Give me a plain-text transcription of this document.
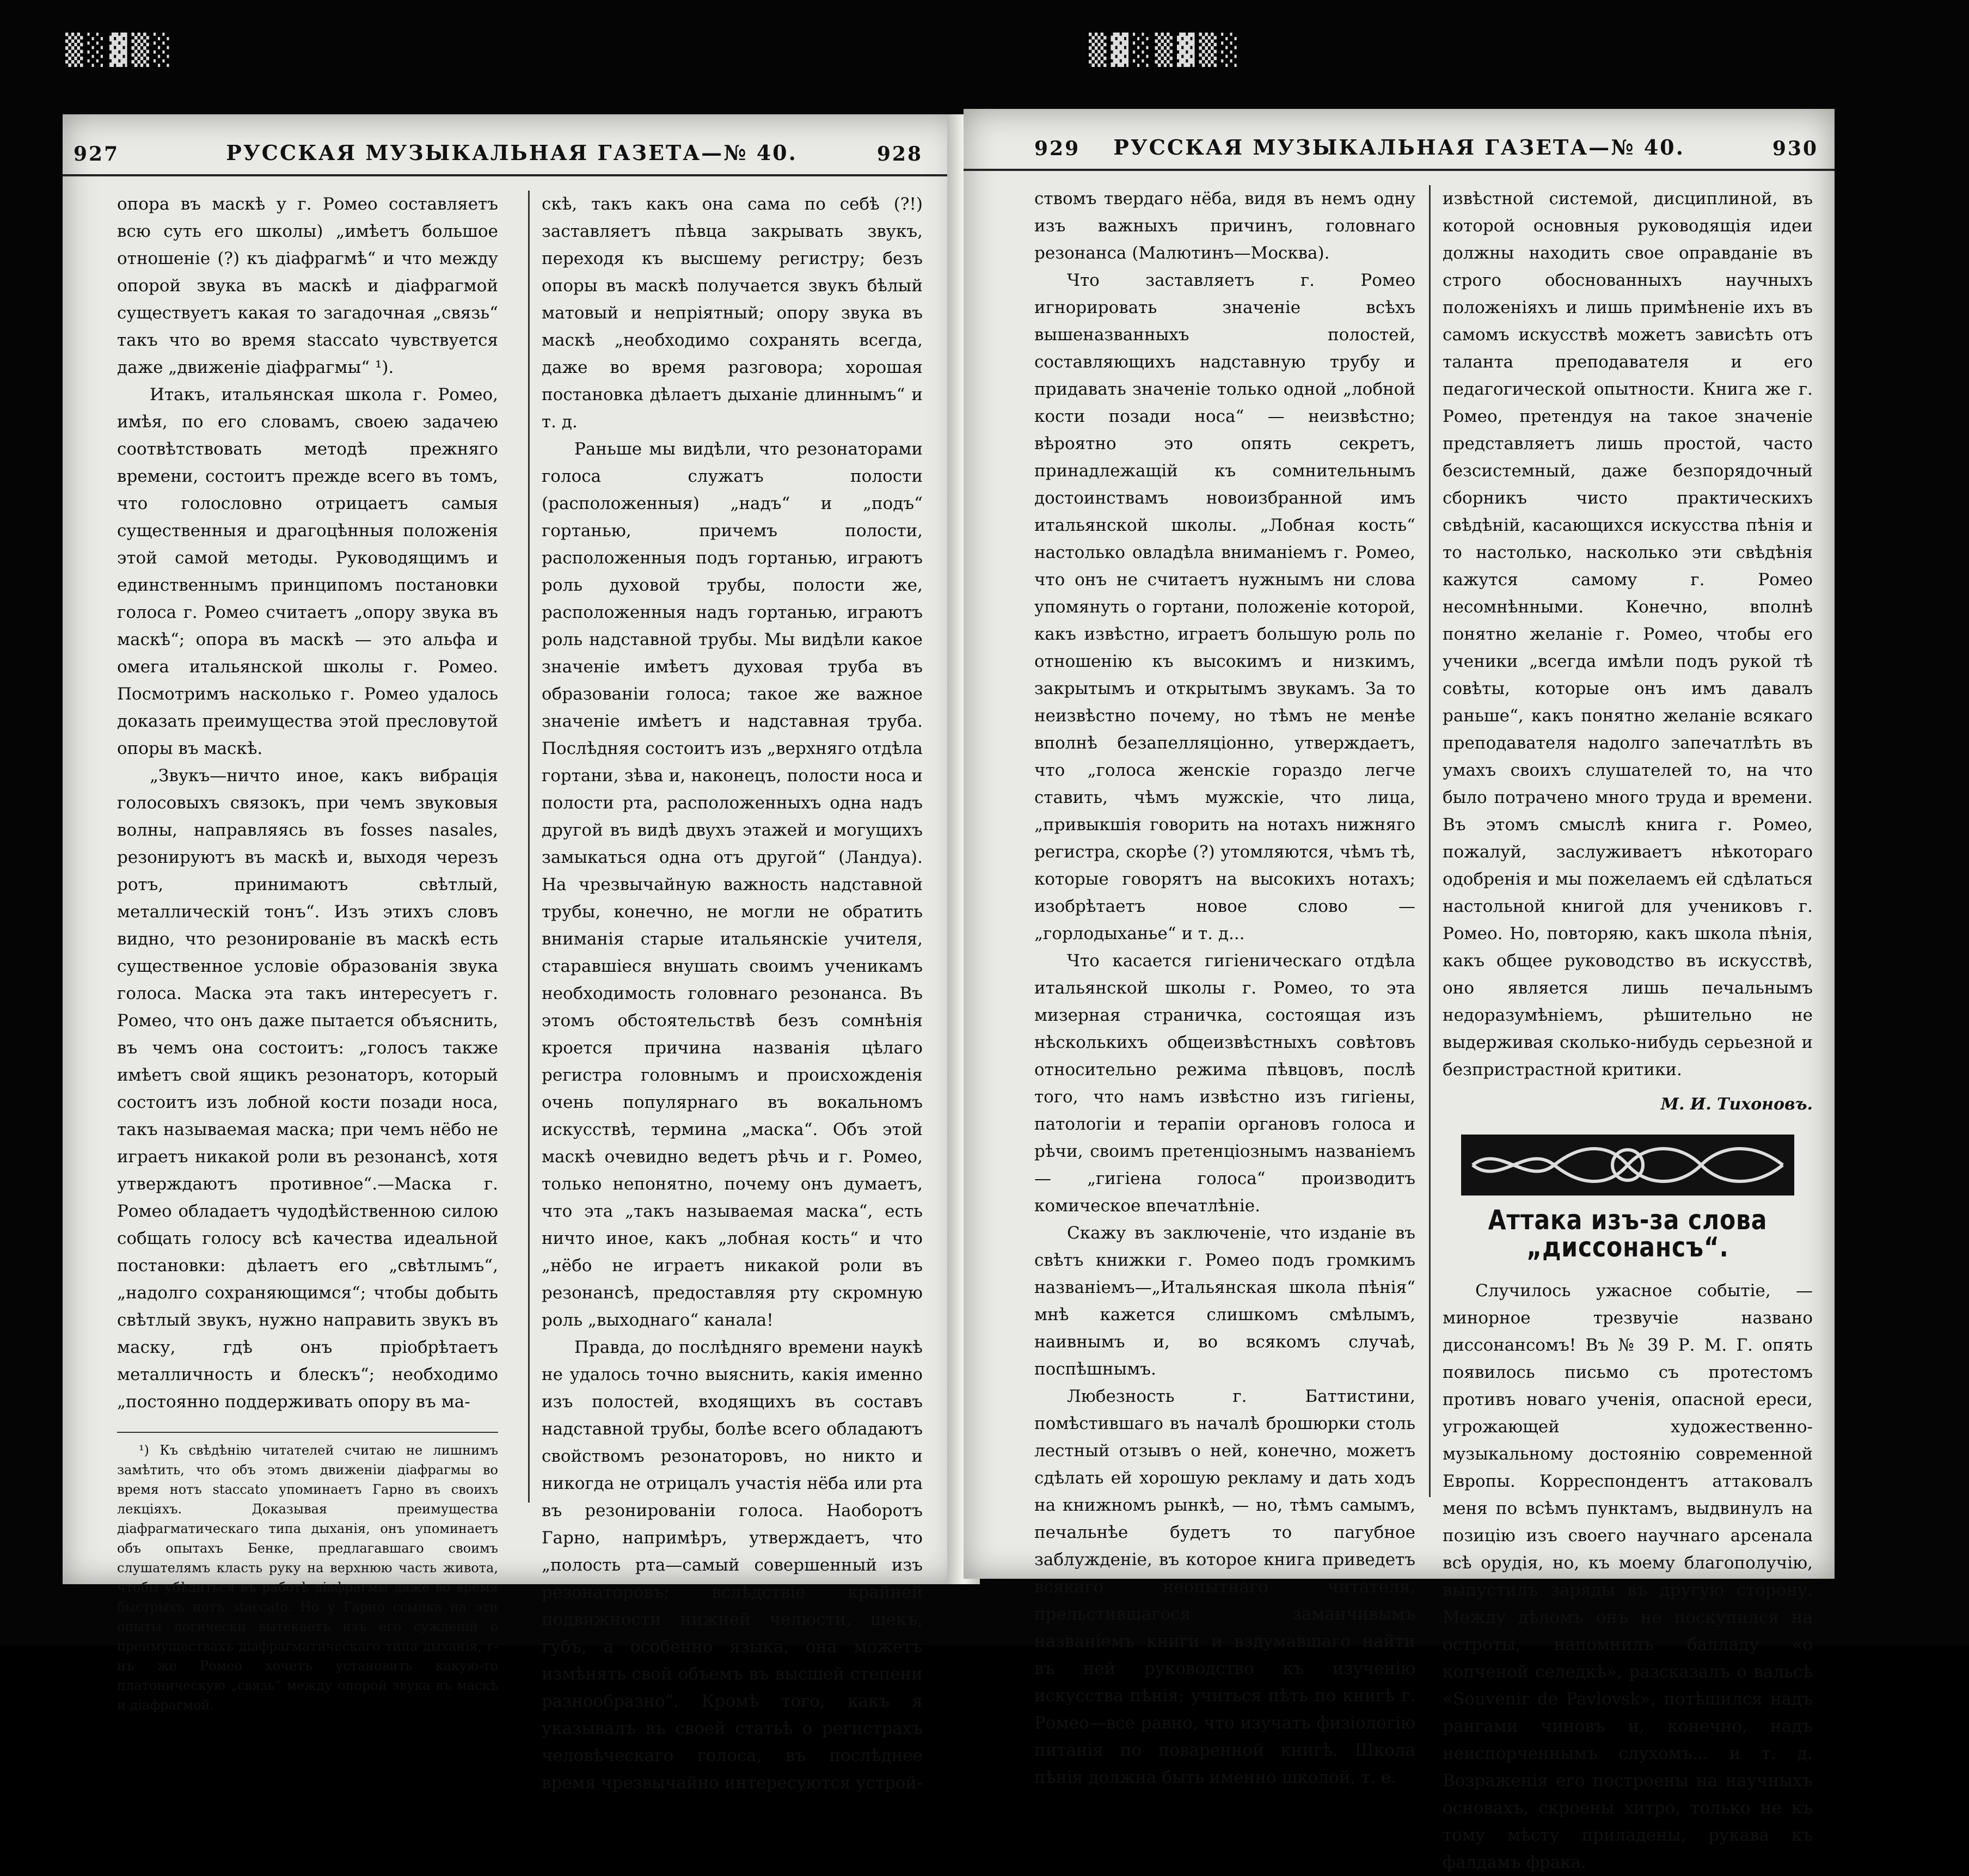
▒░▓▒░	▒▓░▒▓▒░
927	РУССКАЯ МУЗЫКАЛЬНАЯ ГАЗЕТА—№ 40.	928

опора въ маскѣ у г. Ромео составляетъ всю суть его школы) „имѣетъ большое отношеніе (?) къ діафрагмѣ“ и что между опорой звука въ маскѣ и діафрагмой существуетъ какая то загадочная „связь“ такъ что во время staccato чувствуется даже „движеніе діафрагмы“ ¹).

Итакъ, итальянская школа г. Ромео, имѣя, по его словамъ, своею задачею соотвѣтствовать методѣ прежняго времени, состоитъ прежде всего въ томъ, что голословно отрицаетъ самыя существенныя и драгоцѣнныя положенія этой самой методы. Руководящимъ и единственнымъ принципомъ постановки голоса г. Ромео считаетъ „опору звука въ маскѣ“; опора въ маскѣ — это альфа и омега итальянской школы г. Ромео. Посмотримъ насколько г. Ромео удалось доказать преимущества этой пресловутой опоры въ маскѣ.

„Звукъ—ничто иное, какъ вибрація голосовыхъ связокъ, при чемъ звуковыя волны, направляясь въ fosses nasales, резонируютъ въ маскѣ и, выходя черезъ ротъ, принимаютъ свѣтлый, металлическій тонъ“. Изъ этихъ словъ видно, что резонированіе въ маскѣ есть существенное условіе образованія звука голоса. Маска эта такъ интересуетъ г. Ромео, что онъ даже пытается объяснить, въ чемъ она состоитъ: „голосъ также имѣетъ свой ящикъ резонаторъ, который состоитъ изъ лобной кости позади носа, такъ называемая маска; при чемъ нёбо не играетъ никакой роли въ резонансѣ, хотя утверждаютъ противное“.—Маска г. Ромео обладаетъ чудодѣйственною силою собщать голосу всѣ качества идеальной постановки: дѣлаетъ его „свѣтлымъ“, „надолго сохраняющимся“; чтобы добыть свѣтлый звукъ, нужно направить звукъ въ маску, гдѣ онъ пріобрѣтаетъ металличность и блескъ“; необходимо „постоянно поддерживать опору въ ма-

¹) Къ свѣдѣнію читателей считаю не лишнимъ замѣтить, что объ этомъ движеніи діафрагмы во время нотъ staccato упоминаетъ Гарно въ своихъ лекціяхъ. Доказывая преимущества діафрагматическаго типа дыханія, онъ упоминаетъ объ опытахъ Бенке, предлагавшаго своимъ слушателямъ класть руку на верхнюю часть живота, чтобы убѣдиться въ работѣ діафрагмы даже во время быстрыхъ нотъ staccato. Но у Гарно ссылка на эти опыты логически вытекаетъ изъ его сужденій о преимуществахъ діафрагматическаго типа дыханія, г-нъ же Ромео хочетъ установить какую-то платоническую „связь“ между опорой звука въ маскѣ и діафрагмой.

скѣ, такъ какъ она сама по себѣ (?!) заставляетъ пѣвца закрывать звукъ, переходя къ высшему регистру; безъ опоры въ маскѣ получается звукъ бѣлый матовый и непріятный; опору звука въ маскѣ „необходимо сохранять всегда, даже во время разговора; хорошая постановка дѣлаетъ дыханіе длиннымъ“ и т. д.

Раньше мы видѣли, что резонаторами голоса служатъ полости (расположенныя) „надъ“ и „подъ“ гортанью, причемъ полости, расположенныя подъ гортанью, играютъ роль духовой трубы, полости же, расположенныя надъ гортанью, играютъ роль надставной трубы. Мы видѣли какое значеніе имѣетъ духовая труба въ образованіи голоса; такое же важное значеніе имѣетъ и надставная труба. Послѣдняя состоитъ изъ „верхняго отдѣла гортани, зѣва и, наконецъ, полости носа и полости рта, расположенныхъ одна надъ другой въ видѣ двухъ этажей и могущихъ замыкаться одна отъ другой“ (Ландуа). На чрезвычайную важность надставной трубы, конечно, не могли не обратить вниманія старые итальянскіе учителя, старавшіеся внушать своимъ ученикамъ необходимость головнаго резонанса. Въ этомъ обстоятельствѣ безъ сомнѣнія кроется причина названія цѣлаго регистра головнымъ и происхожденія очень популярнаго въ вокальномъ искусствѣ, термина „маска“. Объ этой маскѣ очевидно ведетъ рѣчь и г. Ромео, только непонятно, почему онъ думаетъ, что эта „такъ называемая маска“, есть ничто иное, какъ „лобная кость“ и что „нёбо не играетъ никакой роли въ резонансѣ, предоставляя рту скромную роль „выходнаго“ канала!

Правда, до послѣдняго времени наукѣ не удалось точно выяснить, какія именно изъ полостей, входящихъ въ составъ надставной трубы, болѣе всего обладаютъ свойствомъ резонаторовъ, но никто и никогда не отрицалъ участія нёба или рта въ резонированіи голоса. Наоборотъ Гарно, напримѣръ, утверждаетъ, что „полость рта—самый совершенный изъ резонаторовъ; вслѣдствіе крайней подвижности нижней челюсти, щекъ, губъ, а особенно языка, она можетъ измѣнять свой объемъ въ высшей степени разнообразно“. Кромѣ того, какъ я указывалъ въ своей статьѣ о регистрахъ человѣческаго голоса, въ послѣднее время чрезвычайно интересуются устрой-

929	РУССКАЯ МУЗЫКАЛЬНАЯ ГАЗЕТА—№ 40.	930

ствомъ твердаго нёба, видя въ немъ одну изъ важныхъ причинъ, головнаго резонанса (Малютинъ—Москва).

Что заставляетъ г. Ромео игнорировать значеніе всѣхъ вышеназванныхъ полостей, составляющихъ надставную трубу и придавать значеніе только одной „лобной кости позади носа“ — неизвѣстно; вѣроятно это опять секретъ, принадлежащій къ сомнительнымъ достоинствамъ новоизбранной имъ итальянской школы. „Лобная кость“ настолько овладѣла вниманіемъ г. Ромео, что онъ не считаетъ нужнымъ ни слова упомянуть о гортани, положеніе которой, какъ извѣстно, играетъ большую роль по отношенію къ высокимъ и низкимъ, закрытымъ и открытымъ звукамъ. За то неизвѣстно почему, но тѣмъ не менѣе вполнѣ безапелляціонно, утверждаетъ, что „голоса женскіе гораздо легче ставить, чѣмъ мужскіе, что лица, „привыкшія говорить на нотахъ нижняго регистра, скорѣе (?) утомляются, чѣмъ тѣ, которые говорятъ на высокихъ нотахъ; изобрѣтаетъ новое слово — „горлодыханье“ и т. д...

Что касается гигіеническаго отдѣла итальянской школы г. Ромео, то эта мизерная страничка, состоящая изъ нѣсколькихъ общеизвѣстныхъ совѣтовъ относительно режима пѣвцовъ, послѣ того, что намъ извѣстно изъ гигіены, патологіи и терапіи органовъ голоса и рѣчи, своимъ претенціознымъ названіемъ — „гигіена голоса“ производитъ комическое впечатлѣніе.

Скажу въ заключеніе, что изданіе въ свѣтъ книжки г. Ромео подъ громкимъ названіемъ—„Итальянская школа пѣнія“ мнѣ кажется слишкомъ смѣлымъ, наивнымъ и, во всякомъ случаѣ, поспѣшнымъ.

Любезность г. Баттистини, помѣстившаго въ началѣ брошюрки столь лестный отзывъ о ней, конечно, можетъ сдѣлать ей хорошую рекламу и дать ходъ на книжномъ рынкѣ, — но, тѣмъ самымъ, печальнѣе будетъ то пагубное заблужденіе, въ которое книга приведетъ всякаго неопытнаго читателя, прельстившагося заманчивымъ названіемъ книги и вздумавшаго найти въ ней руководство къ изученію искусства пѣнія; учиться пѣть по книгѣ г. Ромео—все равно, что изучать физіологію питанія по поваренной книгѣ. Школа пѣнія должна быть именно школой, т. е.

извѣстной системой, дисциплиной, въ которой основныя руководящія идеи должны находить свое оправданіе въ строго обоснованныхъ научныхъ положеніяхъ и лишь примѣненіе ихъ въ самомъ искусствѣ можетъ зависѣть отъ таланта преподавателя и его педагогической опытности. Книга же г. Ромео, претендуя на такое значеніе представляетъ лишь простой, часто безсистемный, даже безпорядочный сборникъ чисто практическихъ свѣдѣній, касающихся искусства пѣнія и то настолько, насколько эти свѣдѣнія кажутся самому г. Ромео несомнѣнными. Конечно, вполнѣ понятно желаніе г. Ромео, чтобы его ученики „всегда имѣли подъ рукой тѣ совѣты, которые онъ имъ давалъ раньше“, какъ понятно желаніе всякаго преподавателя надолго запечатлѣть въ умахъ своихъ слушателей то, на что было потрачено много труда и времени. Въ этомъ смыслѣ книга г. Ромео, пожалуй, заслуживаетъ нѣкотораго одобренія и мы пожелаемъ ей сдѣлаться настольной книгой для учениковъ г. Ромео. Но, повторяю, какъ школа пѣнія, какъ общее руководство въ искусствѣ, оно является лишь печальнымъ недоразумѣніемъ, рѣшительно не выдерживая сколько-нибудь серьезной и безпристрастной критики.

М. И. Тихоновъ.
Аттака изъ-за слова „диссонансъ“.

Случилось ужасное событіе, — минорное трезвучіе названо диссонансомъ! Въ № 39 Р. М. Г. опять появилось письмо съ протестомъ противъ новаго ученія, опасной ереси, угрожающей художественно-музыкальному достоянію современной Европы. Корреспондентъ аттаковалъ меня по всѣмъ пунктамъ, выдвинулъ на позицію изъ своего научнаго арсенала всѣ орудія, но, къ моему благополучію, выпустилъ заряды въ другую сторону. Между дѣломъ онъ не поскупился на остроты, напомнилъ балладу «о копченой селедкѣ», разсказалъ о вальсѣ «Souvenir de Pavlovsk», потѣшился надъ рангами чиновъ и, конечно, надъ неиспорченнымъ слухомъ... и т. д. Возраженія его построены на научныхъ основахъ, скроены хитро, только не къ тому мѣсту приладены, рукава къ фалдамъ фрака.
